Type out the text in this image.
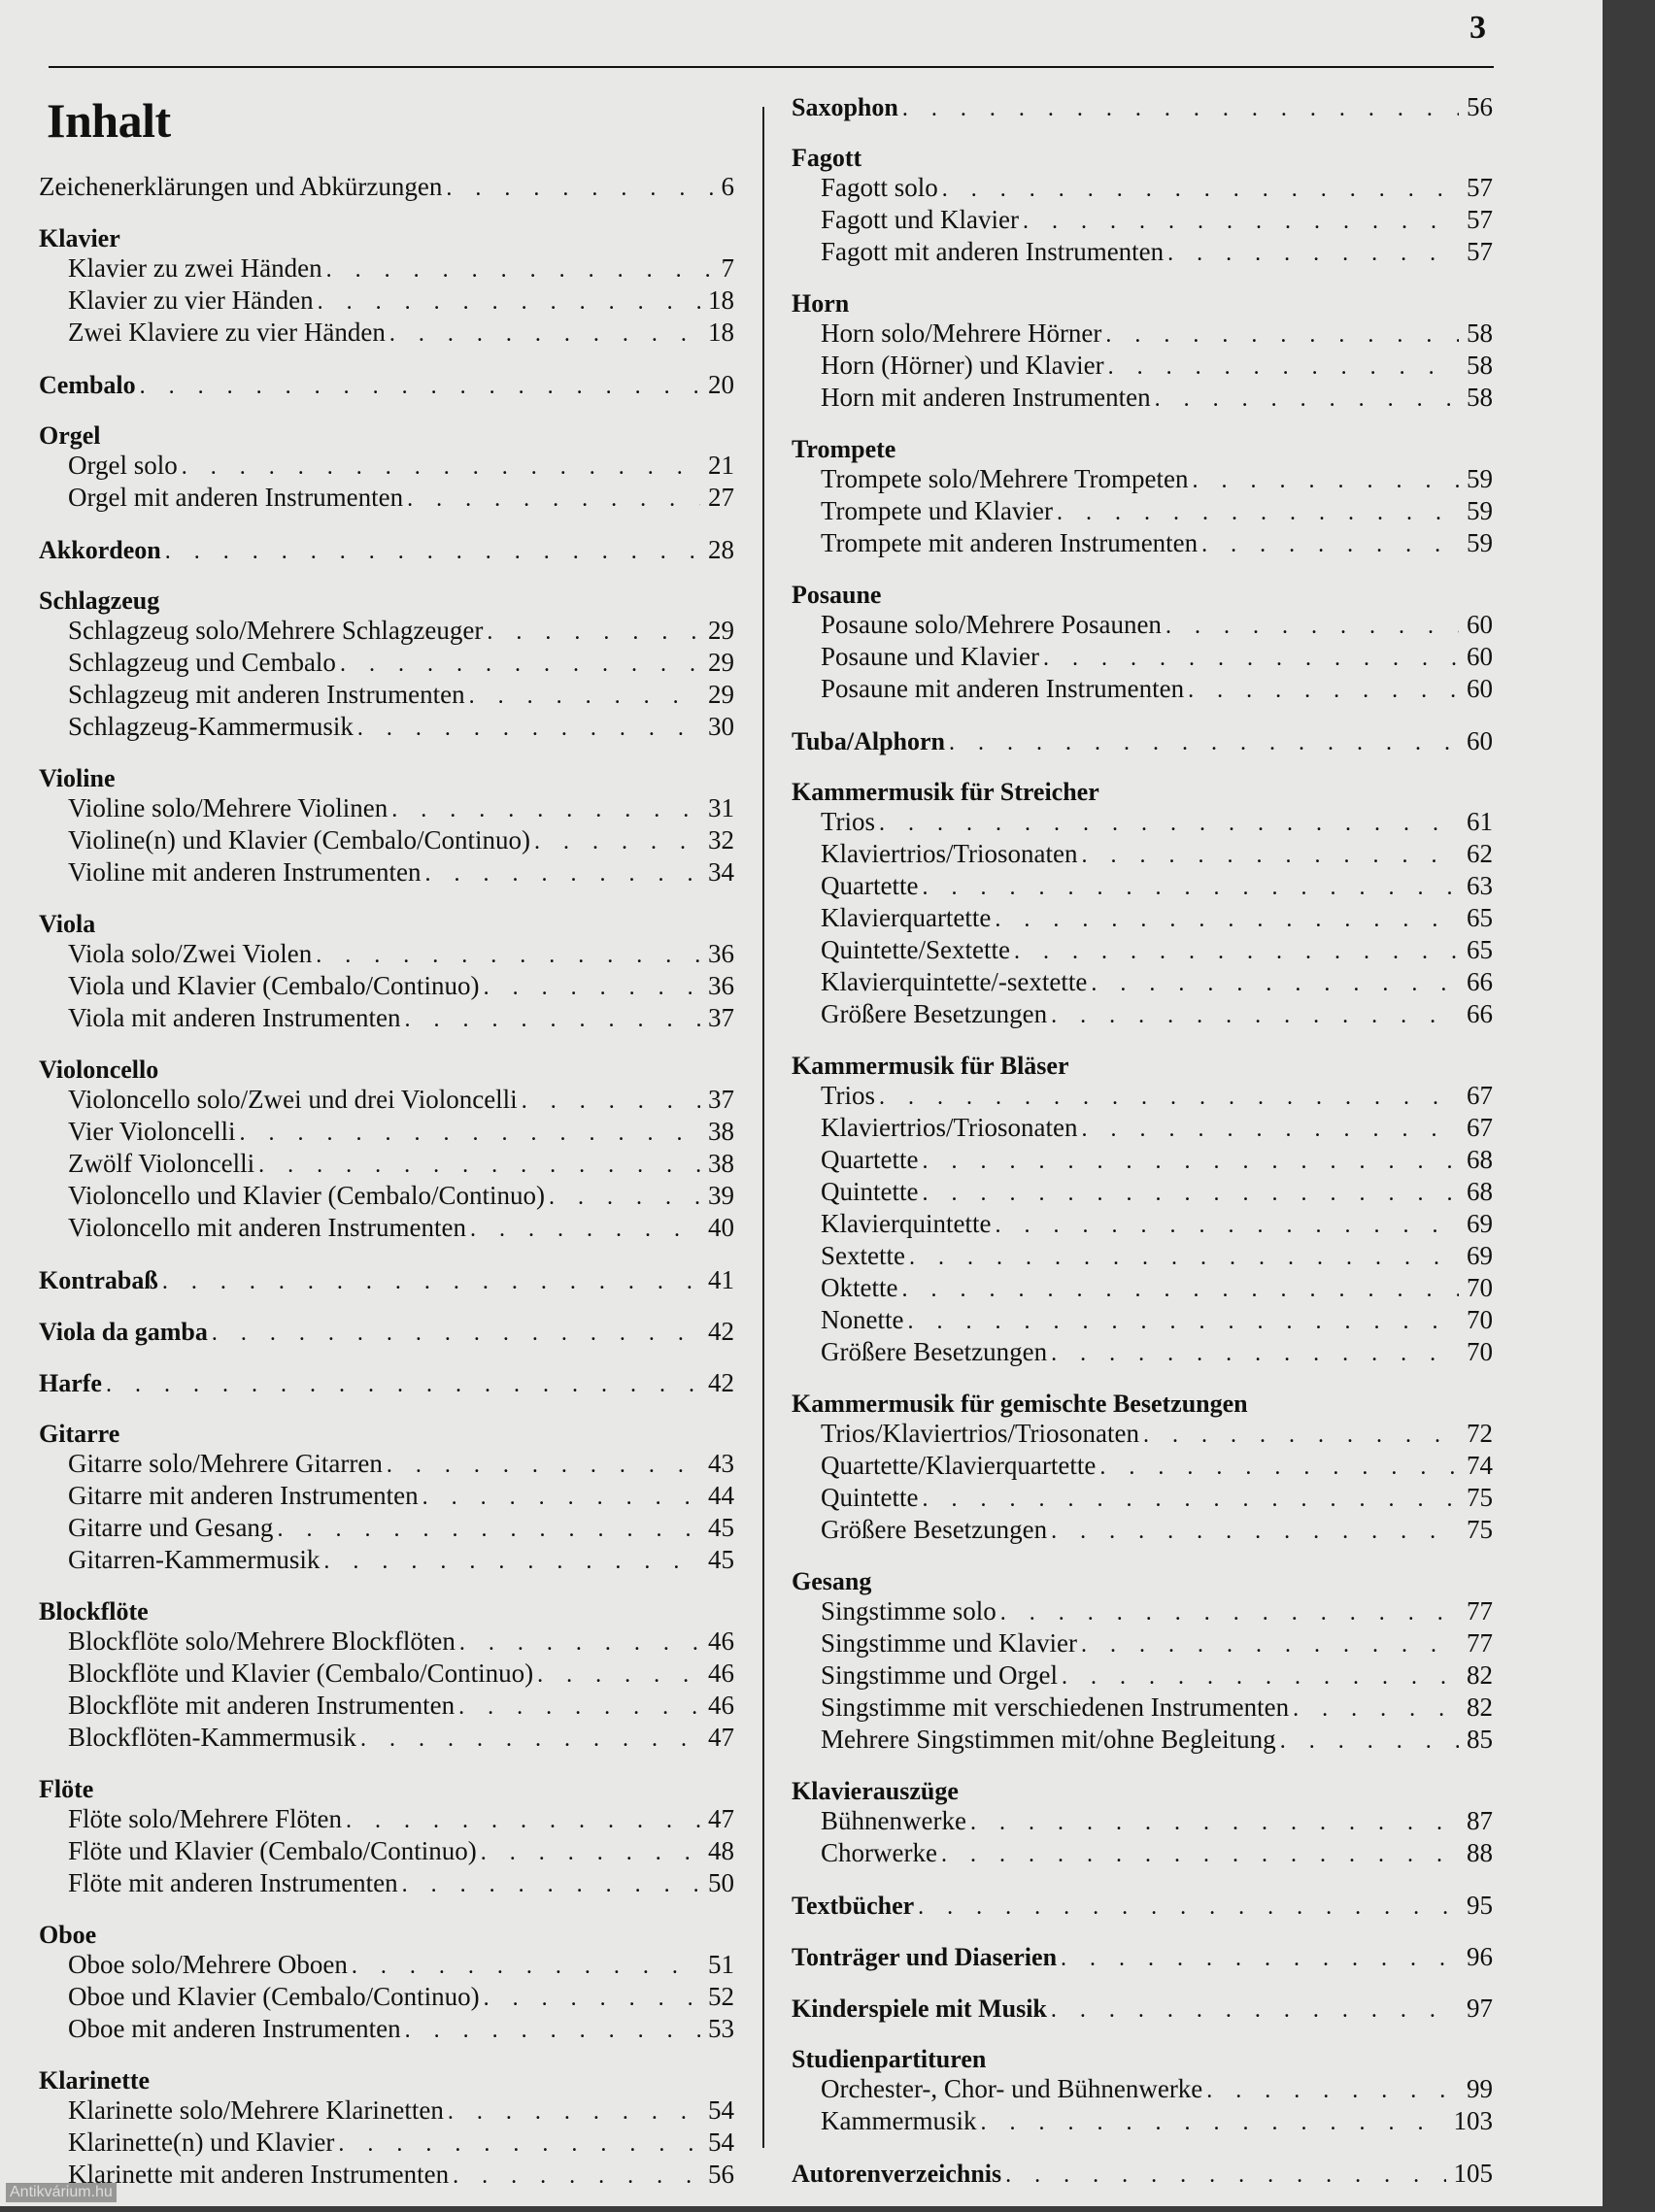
3
Inhalt
Zeichenerklärungen und Abkürzungen . . .	6
Klavier
Klavier zu zwei Händen . . .	7
Klavier zu vier Händen . . .	18
Zwei Klaviere zu vier Händen . . .	18
Cembalo . . .	20
Orgel
Orgel solo . . .	21
Orgel mit anderen Instrumenten . . .	27
Akkordeon . . .	28
Schlagzeug
Schlagzeug solo/Mehrere Schlagzeuger . . .	29
Schlagzeug und Cembalo . . .	29
Schlagzeug mit anderen Instrumenten . . .	29
Schlagzeug-Kammermusik . . .	30
Violine
Violine solo/Mehrere Violinen . . .	31
Violine(n) und Klavier (Cembalo/Continuo) . . .	32
Violine mit anderen Instrumenten . . .	34
Viola
Viola solo/Zwei Violen . . .	36
Viola und Klavier (Cembalo/Continuo) . . .	36
Viola mit anderen Instrumenten . . .	37
Violoncello
Violoncello solo/Zwei und drei Violoncelli . . .	37
Vier Violoncelli . . .	38
Zwölf Violoncelli . . .	38
Violoncello und Klavier (Cembalo/Continuo) . . .	39
Violoncello mit anderen Instrumenten . . .	40
Kontrabaß . . .	41
Viola da gamba . . .	42
Harfe . . .	42
Gitarre
Gitarre solo/Mehrere Gitarren . . .	43
Gitarre mit anderen Instrumenten . . .	44
Gitarre und Gesang . . .	45
Gitarren-Kammermusik . . .	45
Blockflöte
Blockflöte solo/Mehrere Blockflöten . . .	46
Blockflöte und Klavier (Cembalo/Continuo) . . .	46
Blockflöte mit anderen Instrumenten . . .	46
Blockflöten-Kammermusik . . .	47
Flöte
Flöte solo/Mehrere Flöten . . .	47
Flöte und Klavier (Cembalo/Continuo) . . .	48
Flöte mit anderen Instrumenten . . .	50
Oboe
Oboe solo/Mehrere Oboen . . .	51
Oboe und Klavier (Cembalo/Continuo) . . .	52
Oboe mit anderen Instrumenten . . .	53
Klarinette
Klarinette solo/Mehrere Klarinetten . . .	54
Klarinette(n) und Klavier . . .	54
Klarinette mit anderen Instrumenten . . .	56
Saxophon . . .	56
Fagott
Fagott solo . . .	57
Fagott und Klavier . . .	57
Fagott mit anderen Instrumenten . . .	57
Horn
Horn solo/Mehrere Hörner . . .	58
Horn (Hörner) und Klavier . . .	58
Horn mit anderen Instrumenten . . .	58
Trompete
Trompete solo/Mehrere Trompeten . . .	59
Trompete und Klavier . . .	59
Trompete mit anderen Instrumenten . . .	59
Posaune
Posaune solo/Mehrere Posaunen . . .	60
Posaune und Klavier . . .	60
Posaune mit anderen Instrumenten . . .	60
Tuba/Alphorn . . .	60
Kammermusik für Streicher
Trios . . .	61
Klaviertrios/Triosonaten . . .	62
Quartette . . .	63
Klavierquartette . . .	65
Quintette/Sextette . . .	65
Klavierquintette/-sextette . . .	66
Größere Besetzungen . . .	66
Kammermusik für Bläser
Trios . . .	67
Klaviertrios/Triosonaten . . .	67
Quartette . . .	68
Quintette . . .	68
Klavierquintette . . .	69
Sextette . . .	69
Oktette . . .	70
Nonette . . .	70
Größere Besetzungen . . .	70
Kammermusik für gemischte Besetzungen
Trios/Klaviertrios/Triosonaten . . .	72
Quartette/Klavierquartette . . .	74
Quintette . . .	75
Größere Besetzungen . . .	75
Gesang
Singstimme solo . . .	77
Singstimme und Klavier . . .	77
Singstimme und Orgel . . .	82
Singstimme mit verschiedenen Instrumenten . . .	82
Mehrere Singstimmen mit/ohne Begleitung . . .	85
Klavierauszüge
Bühnenwerke . . .	87
Chorwerke . . .	88
Textbücher . . .	95
Tonträger und Diaserien . . .	96
Kinderspiele mit Musik . . .	97
Studienpartituren
Orchester-, Chor- und Bühnenwerke . . .	99
Kammermusik . . .	103
Autorenverzeichnis . . .	105
Antikvárium.hu
